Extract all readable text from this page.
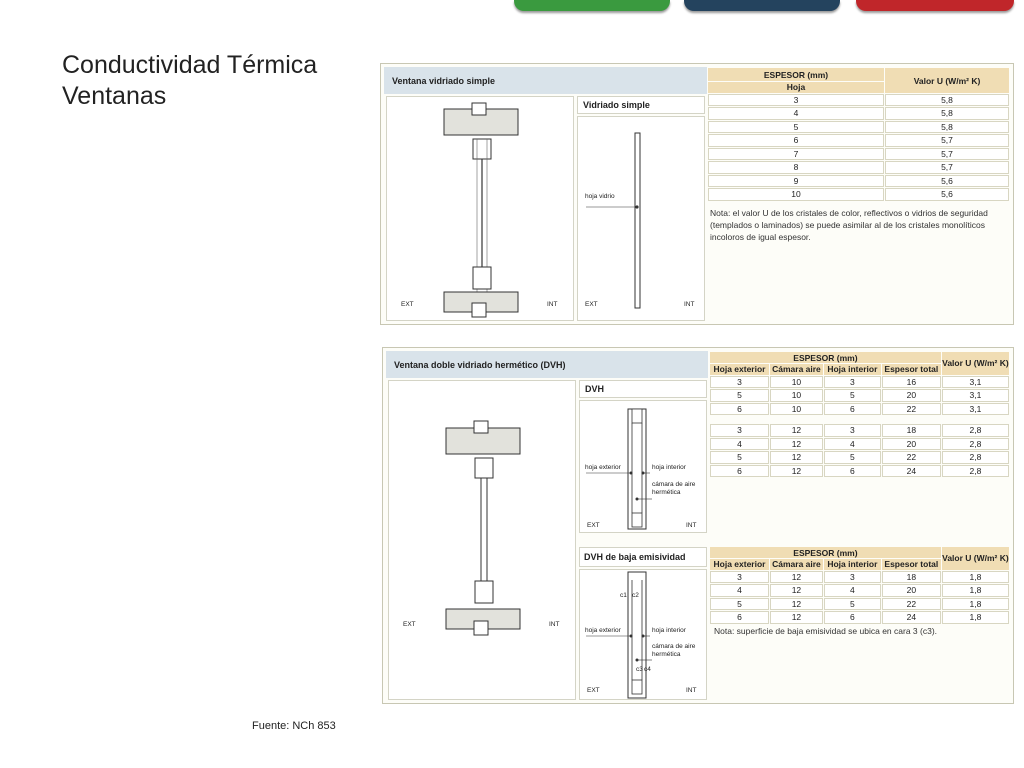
Conductividad Térmica
Ventanas
Ventana vidriado simple
EXT	INT
Vidriado simple
hoja vidrio
EXT	INT
ESPESOR (mm)	Valor U (W/m² K)
Hoja	
3	5,8
4	5,8
5	5,8
6	5,7
7	5,7
8	5,7
9	5,6
10	5,6
Nota: el valor U de los cristales de color, reflectivos o vidrios de seguridad (templados o laminados) se puede asimilar al de los cristales monolíticos incoloros de igual espesor.
Ventana doble vidriado hermético (DVH)
EXT	INT
DVH
hoja exterior	hoja interior
cámara de aire hermética
EXT	INT
DVH de baja emisividad
c1 c2
hoja exterior	hoja interior
cámara de aire hermética
c3 c4
EXT	INT
ESPESOR (mm)				Valor U (W/m² K)
Hoja exterior	Cámara aire	Hoja interior	Espesor total	
3	10	3	16	3,1
5	10	5	20	3,1
6	10	6	22	3,1

3	12	3	18	2,8
4	12	4	20	2,8
5	12	5	22	2,8
6	12	6	24	2,8
ESPESOR (mm)				Valor U (W/m² K)
Hoja exterior	Cámara aire	Hoja interior	Espesor total	
3	12	3	18	1,8
4	12	4	20	1,8
5	12	5	22	1,8
6	12	6	24	1,8
Nota: superficie de baja emisividad se ubica en cara 3 (c3).
Fuente: NCh 853
